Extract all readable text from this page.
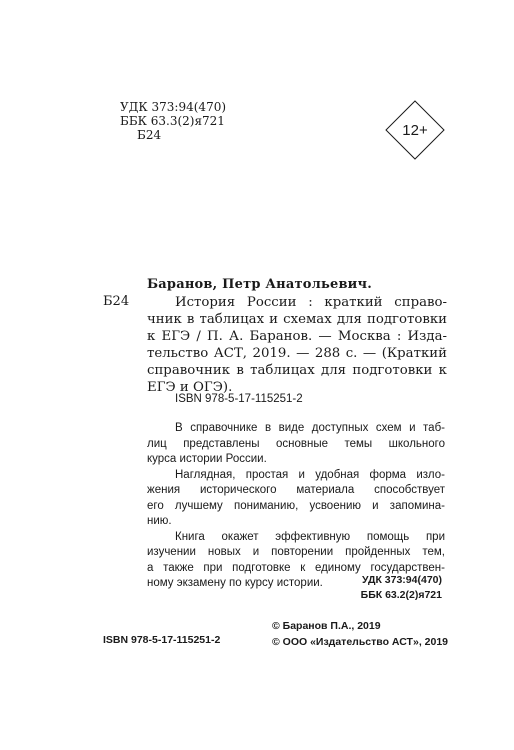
УДК 373:94(470)
ББК 63.3(2)я721
Б24	12+
Баранов, Петр Анатольевич.
Б24	История России : краткий справо-
чник в таблицах и схемах для подготовки
к ЕГЭ / П. А. Баранов. — Москва : Изда-
тельство АСТ, 2019. — 288 с. — (Краткий
справочник в таблицах для подготовки к
ЕГЭ и ОГЭ).
ISBN 978-5-17-115251-2
В справочнике в виде доступных схем и таб-
лиц представлены основные темы школьного
курса истории России.
Наглядная, простая и удобная форма изло-
жения исторического материала способствует
его лучшему пониманию, усвоению и запомина-
нию.
Книга окажет эффективную помощь при
изучении новых и повторении пройденных тем,
а также при подготовке к единому государствен-
ному экзамену по курсу истории.	УДК 373:94(470)
ББК 63.2(2)я721
ISBN 978-5-17-115251-2
© Баранов П.А., 2019
© ООО «Издательство АСТ», 2019
